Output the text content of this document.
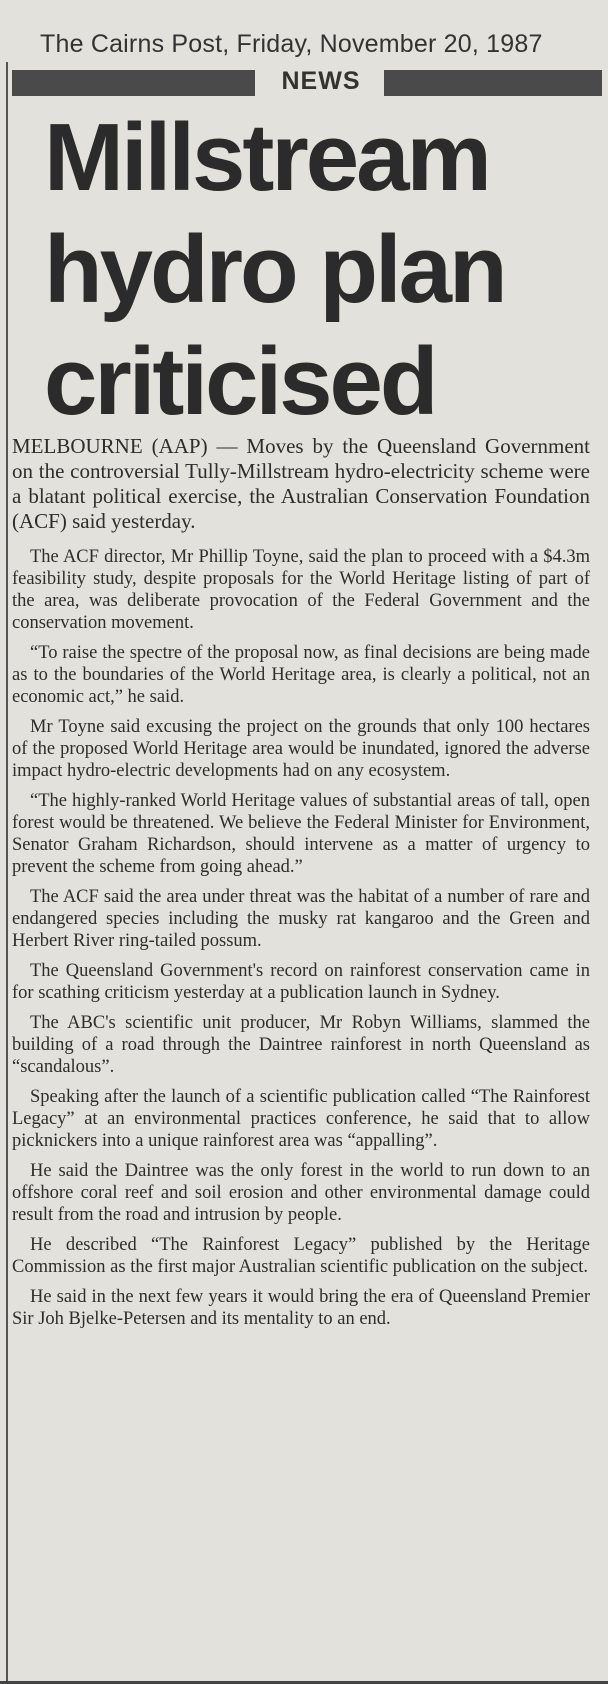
The Cairns Post, Friday, November 20, 1987
NEWS
Millstream
hydro plan
criticised

MELBOURNE (AAP) — Moves by the Queensland Government on the controversial Tully-Millstream hydro-electricity scheme were a blatant political exercise, the Australian Conservation Foundation (ACF) said yesterday.

The ACF director, Mr Phillip Toyne, said the plan to proceed with a $4.3m feasibility study, despite proposals for the World Heritage listing of part of the area, was deliberate provocation of the Federal Government and the conservation movement.

“To raise the spectre of the proposal now, as final decisions are being made as to the boundaries of the World Heritage area, is clearly a political, not an economic act,” he said.

Mr Toyne said excusing the project on the grounds that only 100 hectares of the proposed World Heritage area would be inundated, ignored the adverse impact hydro-electric developments had on any ecosystem.

“The highly-ranked World Heritage values of substantial areas of tall, open forest would be threatened. We believe the Federal Minister for Environment, Senator Graham Richardson, should intervene as a matter of urgency to prevent the scheme from going ahead.”

The ACF said the area under threat was the habitat of a number of rare and endangered species including the musky rat kangaroo and the Green and Herbert River ring-tailed possum.

The Queensland Government's record on rainforest conservation came in for scathing criticism yesterday at a publication launch in Sydney.

The ABC's scientific unit producer, Mr Robyn Williams, slammed the building of a road through the Daintree rainforest in north Queensland as “scandalous”.

Speaking after the launch of a scientific publication called “The Rainforest Legacy” at an environmental practices conference, he said that to allow picknickers into a unique rainforest area was “appalling”.

He said the Daintree was the only forest in the world to run down to an offshore coral reef and soil erosion and other environmental damage could result from the road and intrusion by people.

He described “The Rainforest Legacy” published by the Heritage Commission as the first major Australian scientific publication on the subject.

He said in the next few years it would bring the era of Queensland Premier Sir Joh Bjelke-Petersen and its mentality to an end.
